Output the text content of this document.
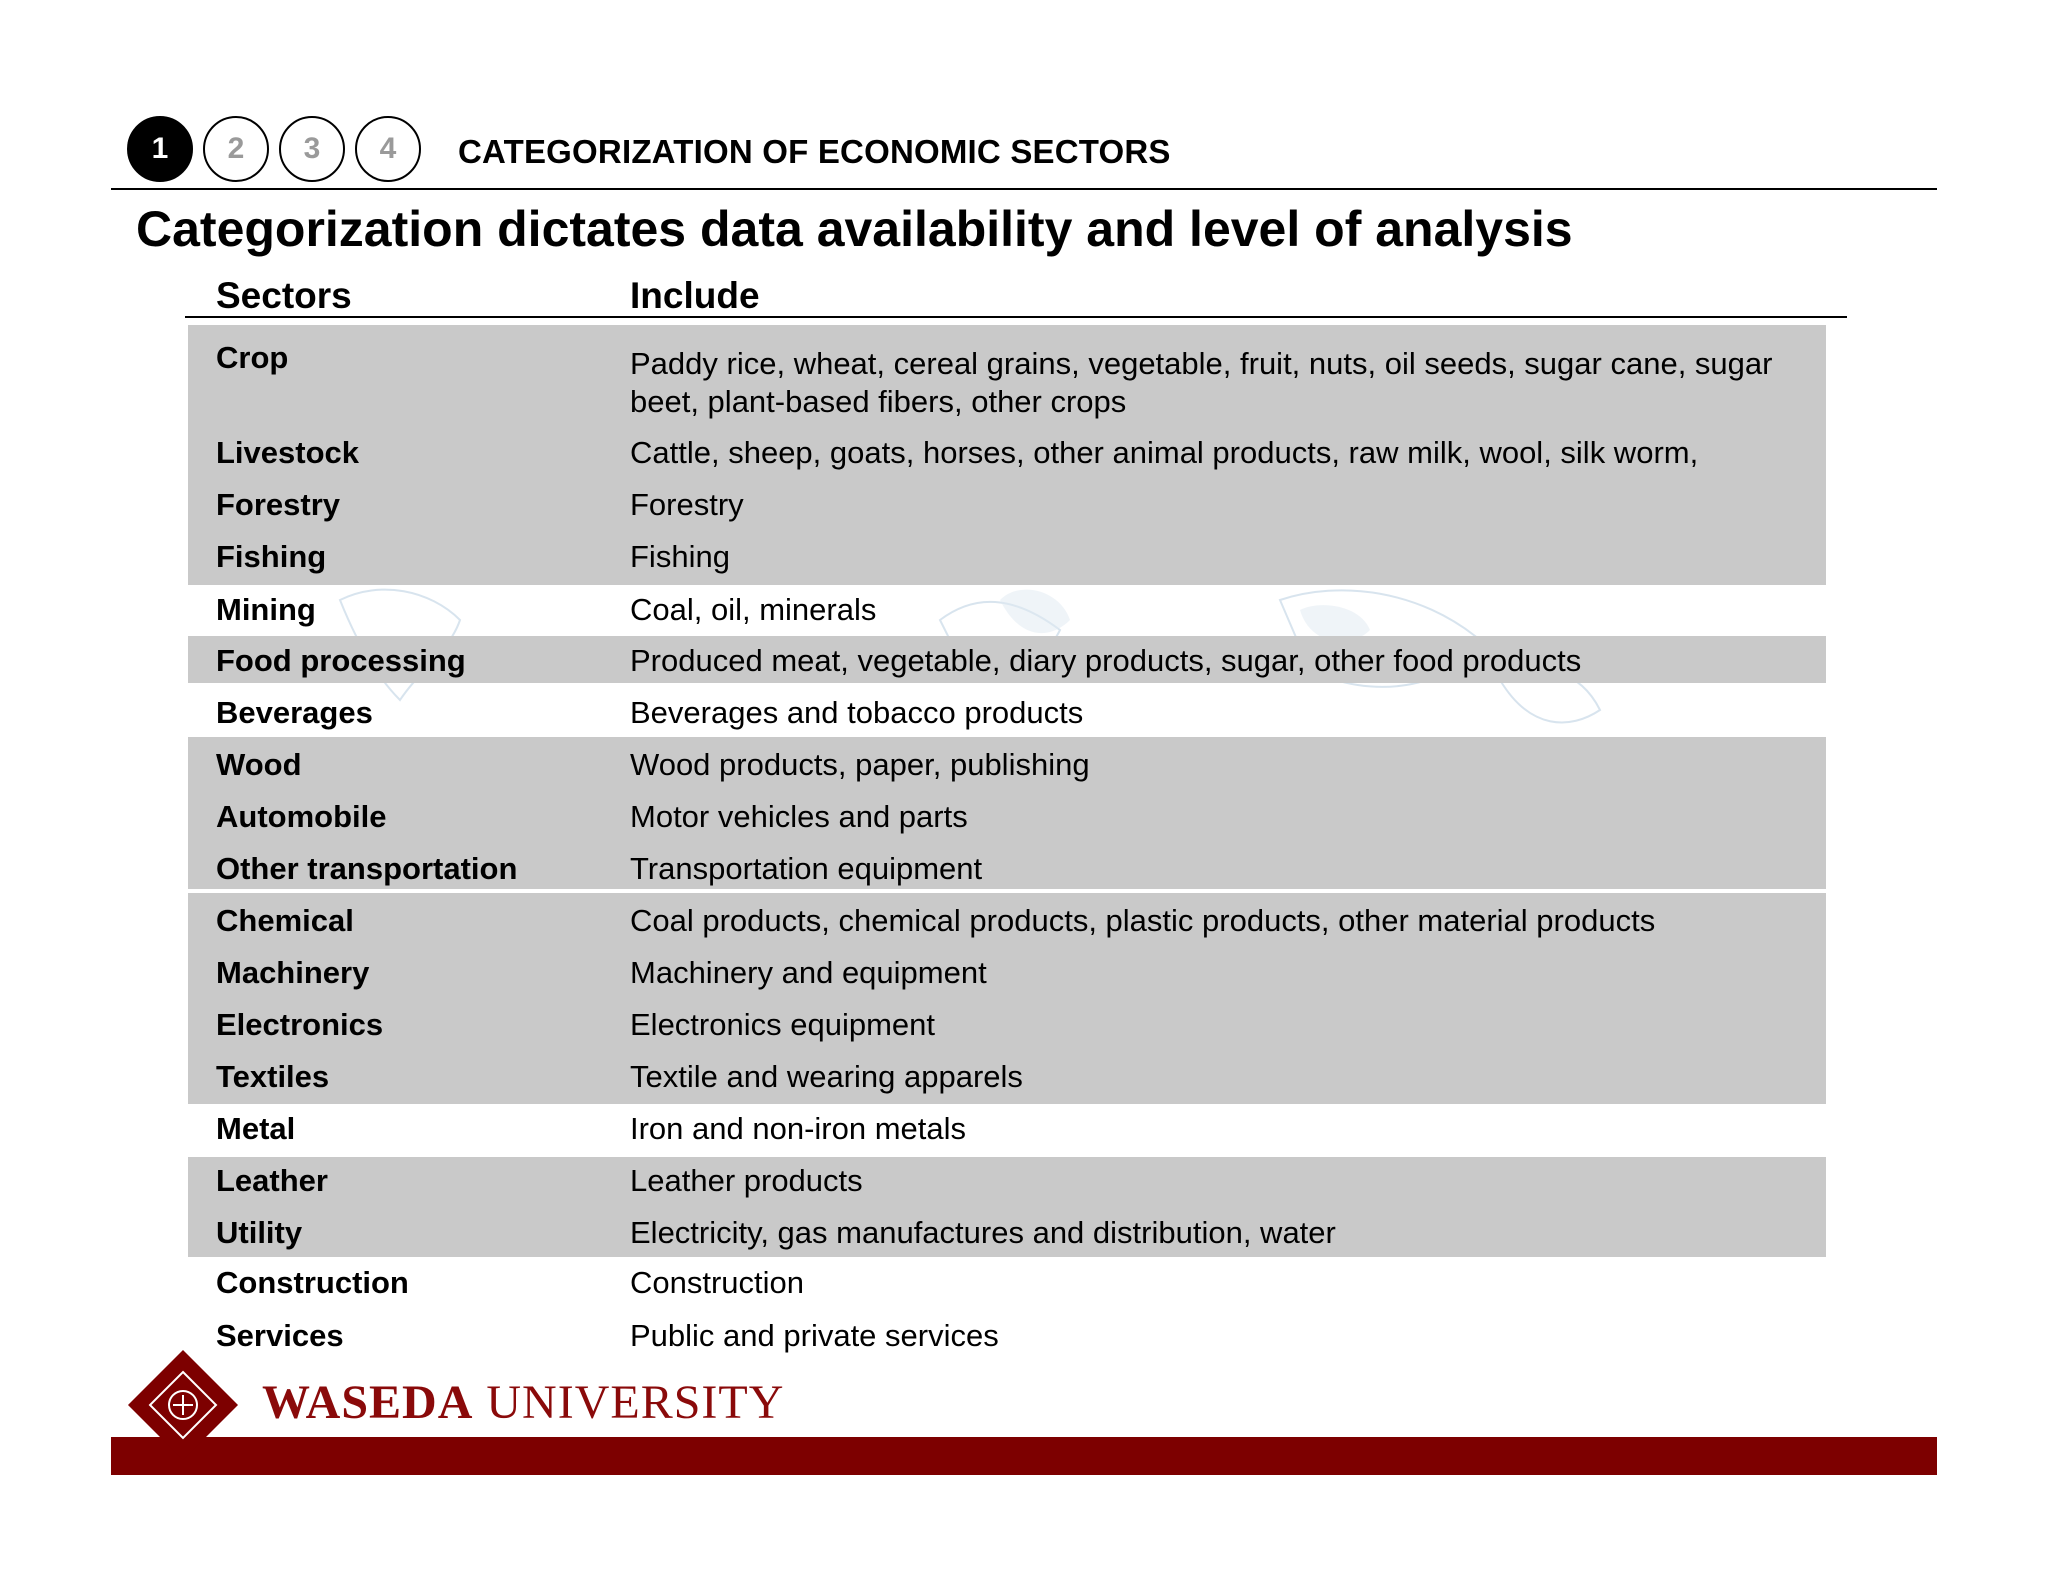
1	2	3	4	CATEGORIZATION OF ECONOMIC SECTORS
Categorization dictates data availability and level of analysis
Sectors	Include
Crop	Paddy rice, wheat, cereal grains, vegetable, fruit, nuts, oil seeds, sugar cane, sugar beet, plant-based fibers, other crops
Livestock	Cattle, sheep, goats, horses, other animal products, raw milk, wool, silk worm,
Forestry	Forestry
Fishing	Fishing
Mining	Coal, oil, minerals
Food processing	Produced meat, vegetable, diary products, sugar, other food products
Beverages	Beverages and tobacco products
Wood	Wood products, paper, publishing
Automobile	Motor vehicles and parts
Other transportation	Transportation equipment
Chemical	Coal products, chemical products, plastic products, other material products
Machinery	Machinery and equipment
Electronics	Electronics equipment
Textiles	Textile and wearing apparels
Metal	Iron and non-iron metals
Leather	Leather products
Utility	Electricity, gas manufactures and distribution, water
Construction	Construction
Services	Public and private services
WASEDA UNIVERSITY
